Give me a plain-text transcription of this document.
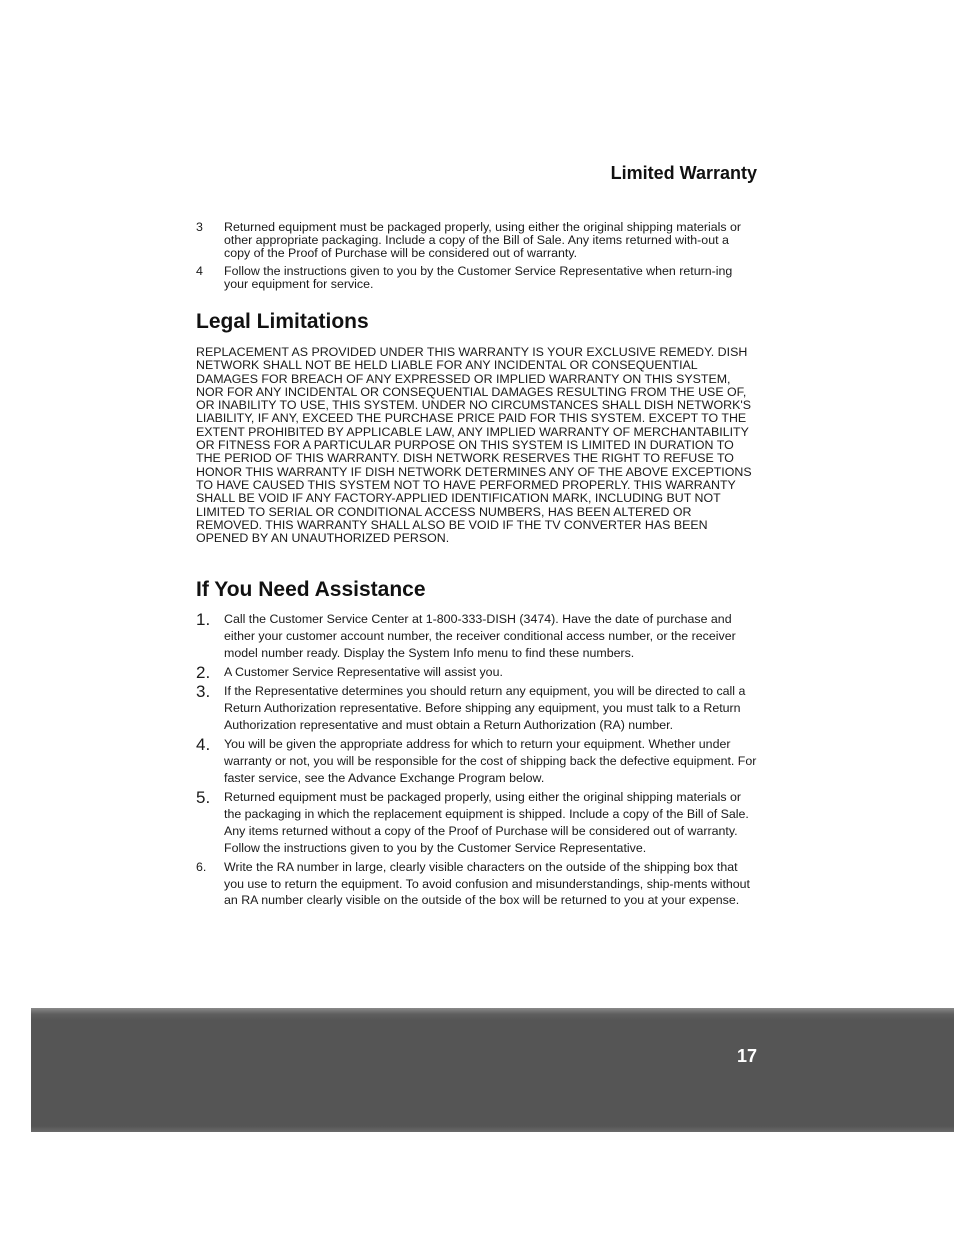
Limited Warranty
3	Returned equipment must be packaged properly, using either the original shipping materials or other appropriate packaging. Include a copy of the Bill of Sale. Any items returned with-out a copy of the Proof of Purchase will be considered out of warranty.
4	Follow the instructions given to you by the Customer Service Representative when return-ing your equipment for service.
Legal Limitations
REPLACEMENT AS PROVIDED UNDER THIS WARRANTY IS YOUR EXCLUSIVE REMEDY. DISH NETWORK SHALL NOT BE HELD LIABLE FOR ANY INCIDENTAL OR CONSEQUENTIAL DAMAGES FOR BREACH OF ANY EXPRESSED OR IMPLIED WARRANTY ON THIS SYSTEM, NOR FOR ANY INCIDENTAL OR CONSEQUENTIAL DAMAGES RESULTING FROM THE USE OF, OR INABILITY TO USE, THIS SYSTEM. UNDER NO CIRCUMSTANCES SHALL DISH NETWORK'S LIABILITY, IF ANY, EXCEED THE PURCHASE PRICE PAID FOR THIS SYSTEM. EXCEPT TO THE EXTENT PROHIBITED BY APPLICABLE LAW, ANY IMPLIED WARRANTY OF MERCHANTABILITY OR FITNESS FOR A PARTICULAR PURPOSE ON THIS SYSTEM IS LIMITED IN DURATION TO THE PERIOD OF THIS WARRANTY. DISH NETWORK RESERVES THE RIGHT TO REFUSE TO HONOR THIS WARRANTY IF DISH NETWORK DETERMINES ANY OF THE ABOVE EXCEPTIONS TO HAVE CAUSED THIS SYSTEM NOT TO HAVE PERFORMED PROPERLY. THIS WARRANTY SHALL BE VOID IF ANY FACTORY-APPLIED IDENTIFICATION MARK, INCLUDING BUT NOT LIMITED TO SERIAL OR CONDITIONAL ACCESS NUMBERS, HAS BEEN ALTERED OR REMOVED. THIS WARRANTY SHALL ALSO BE VOID IF THE TV CONVERTER HAS BEEN OPENED BY AN UNAUTHORIZED PERSON.
If You Need Assistance
1.	Call the Customer Service Center at 1-800-333-DISH (3474). Have the date of purchase and either your customer account number, the receiver conditional access number, or the receiver model number ready. Display the System Info menu to find these numbers.
2.	A Customer Service Representative will assist you.
3.	If the Representative determines you should return any equipment, you will be directed to call a Return Authorization representative. Before shipping any equipment, you must talk to a Return Authorization representative and must obtain a Return Authorization (RA) number.
4.	You will be given the appropriate address for which to return your equipment. Whether under warranty or not, you will be responsible for the cost of shipping back the defective equipment. For faster service, see the Advance Exchange Program below.
5.	Returned equipment must be packaged properly, using either the original shipping materials or the packaging in which the replacement equipment is shipped. Include a copy of the Bill of Sale. Any items returned without a copy of the Proof of Purchase will be considered out of warranty. Follow the instructions given to you by the Customer Service Representative.
6.	Write the RA number in large, clearly visible characters on the outside of the shipping box that you use to return the equipment. To avoid confusion and misunderstandings, ship-ments without an RA number clearly visible on the outside of the box will be returned to you at your expense.
17
